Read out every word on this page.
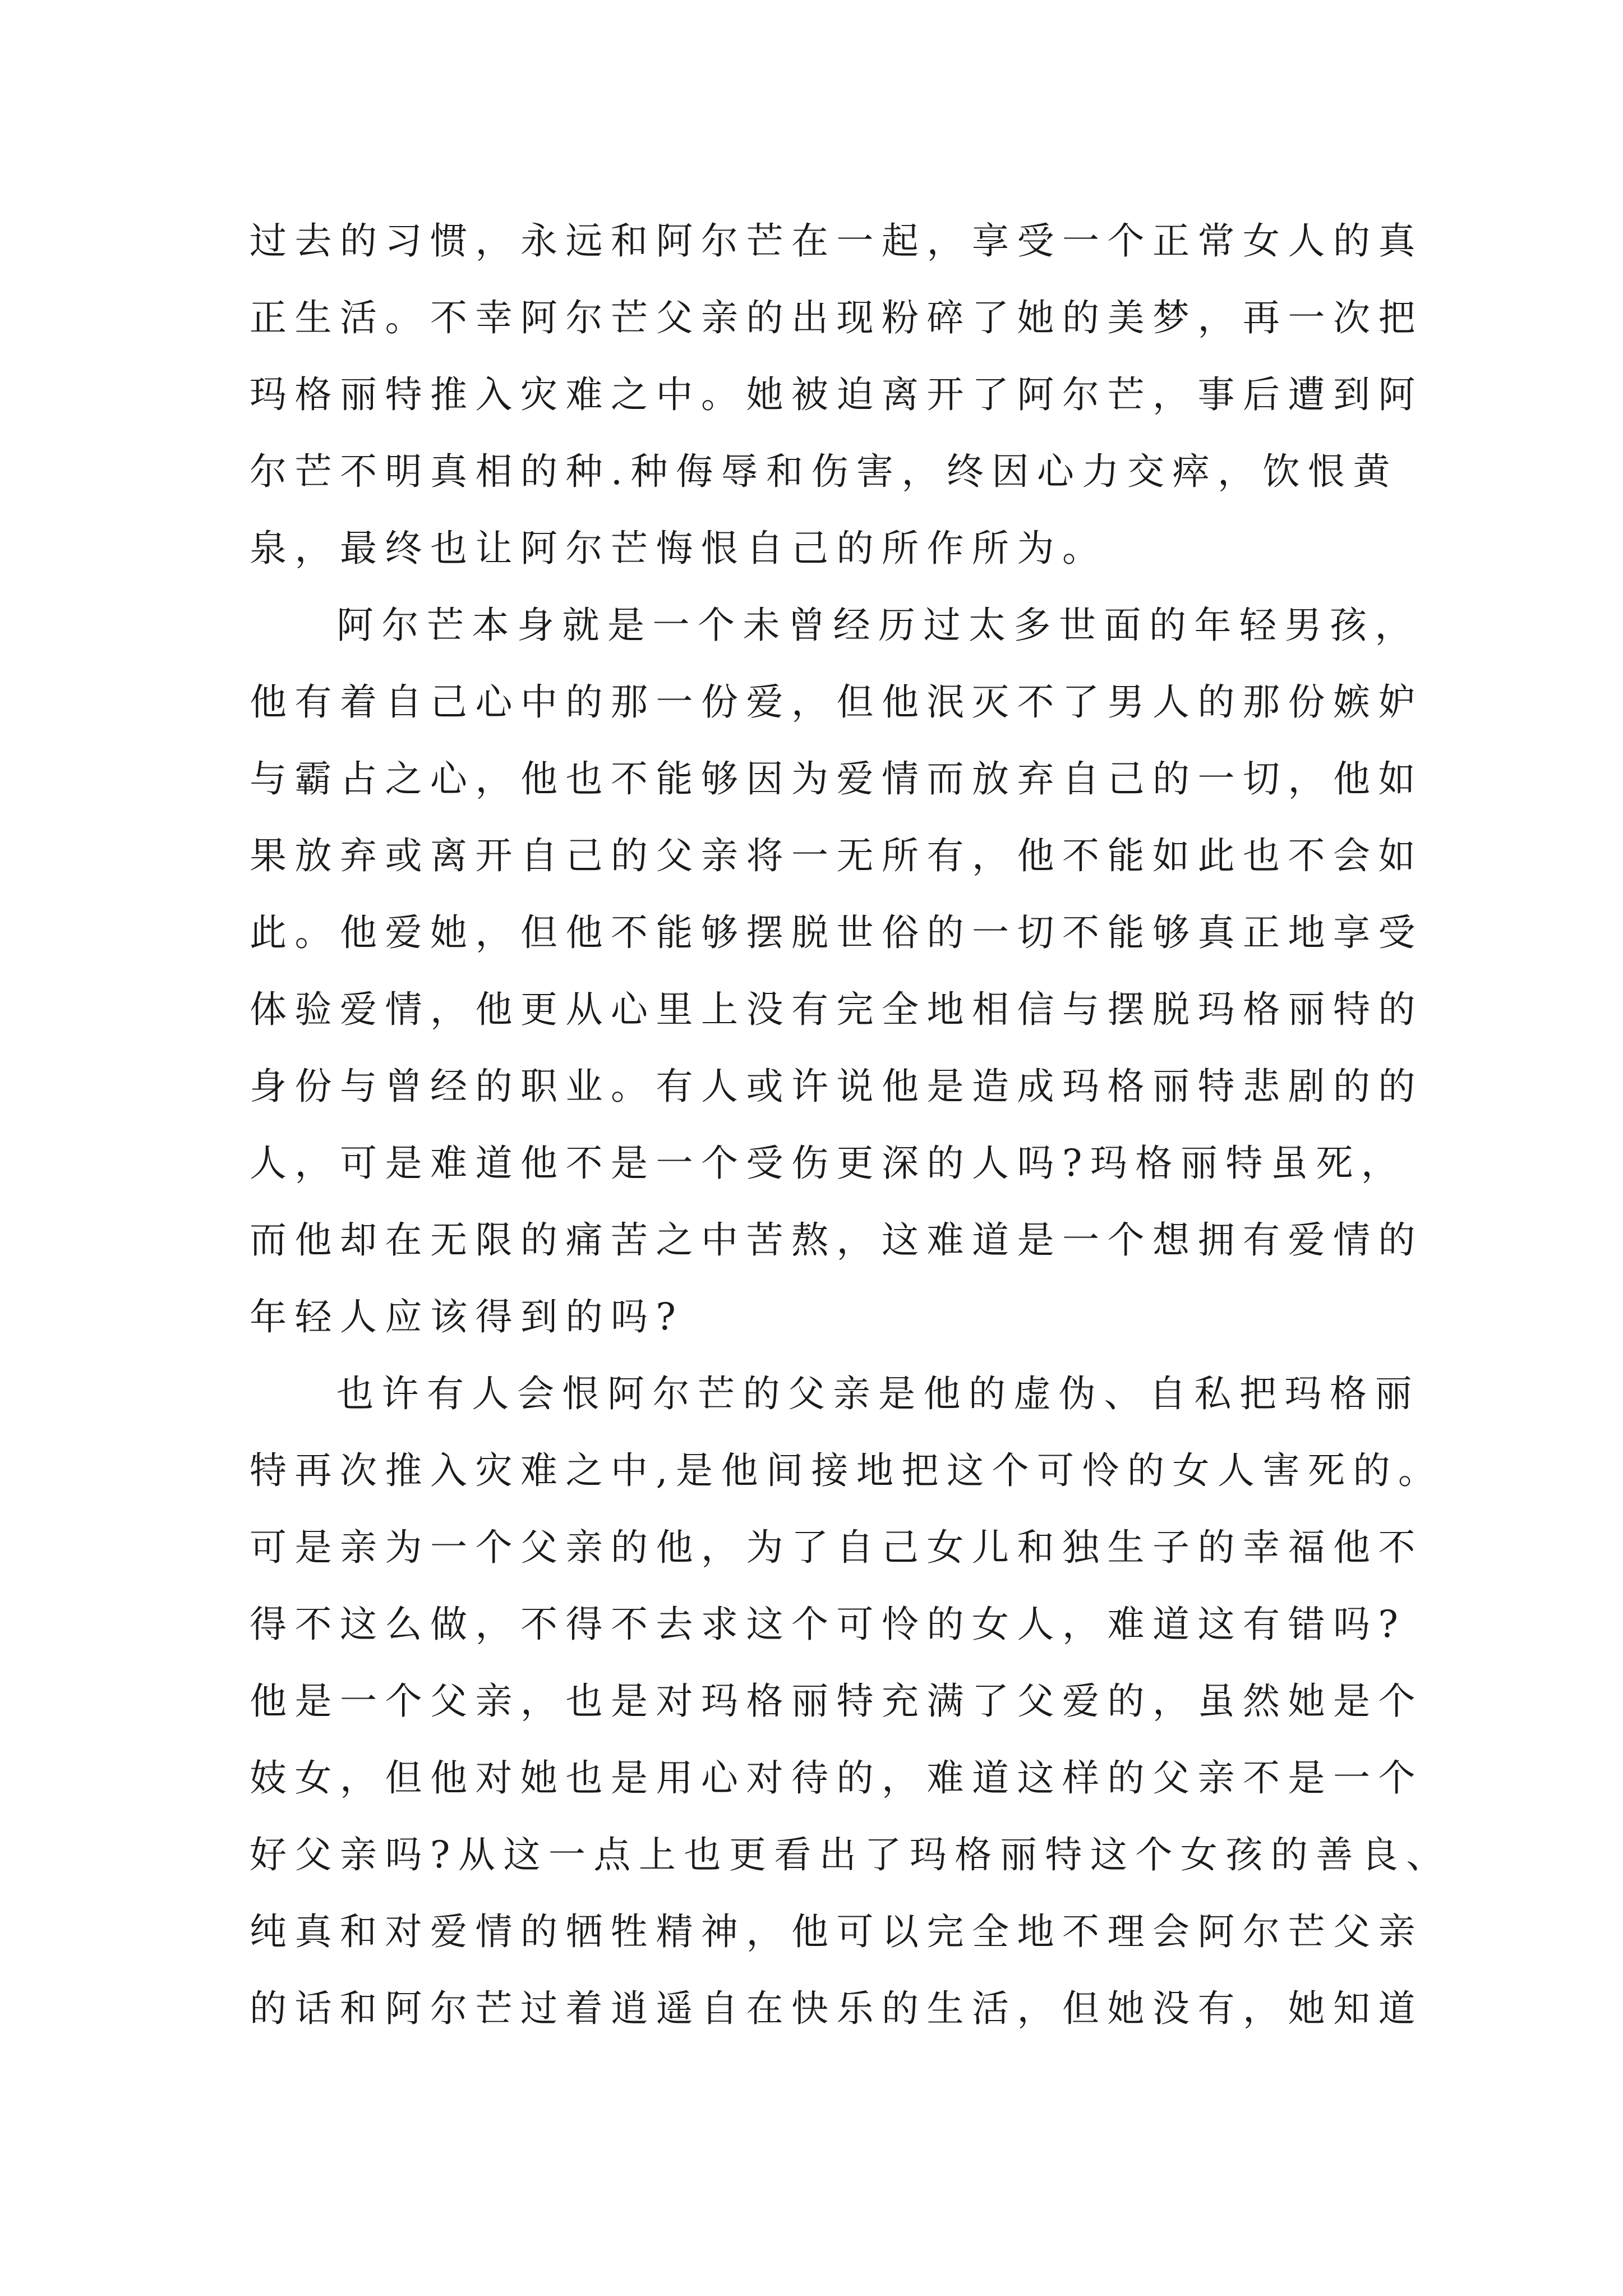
过去的习惯，永远和阿尔芒在一起，享受一个正常女人的真
正生活。不幸阿尔芒父亲的出现粉碎了她的美梦，再一次把
玛格丽特推入灾难之中。她被迫离开了阿尔芒，事后遭到阿
尔芒不明真相的种.种侮辱和伤害，终因心力交瘁，饮恨黄
泉，最终也让阿尔芒悔恨自己的所作所为。
阿尔芒本身就是一个未曾经历过太多世面的年轻男孩，
他有着自己心中的那一份爱，但他泯灭不了男人的那份嫉妒
与霸占之心，他也不能够因为爱情而放弃自己的一切，他如
果放弃或离开自己的父亲将一无所有，他不能如此也不会如
此。他爱她，但他不能够摆脱世俗的一切不能够真正地享受
体验爱情，他更从心里上没有完全地相信与摆脱玛格丽特的
身份与曾经的职业。有人或许说他是造成玛格丽特悲剧的的
人，可是难道他不是一个受伤更深的人吗?玛格丽特虽死，
而他却在无限的痛苦之中苦熬，这难道是一个想拥有爱情的
年轻人应该得到的吗?
也许有人会恨阿尔芒的父亲是他的虚伪、自私把玛格丽
特再次推入灾难之中,是他间接地把这个可怜的女人害死的。
可是亲为一个父亲的他，为了自己女儿和独生子的幸福他不
得不这么做，不得不去求这个可怜的女人，难道这有错吗?
他是一个父亲，也是对玛格丽特充满了父爱的，虽然她是个
妓女，但他对她也是用心对待的，难道这样的父亲不是一个
好父亲吗?从这一点上也更看出了玛格丽特这个女孩的善良、
纯真和对爱情的牺牲精神，他可以完全地不理会阿尔芒父亲
的话和阿尔芒过着逍遥自在快乐的生活，但她没有，她知道
